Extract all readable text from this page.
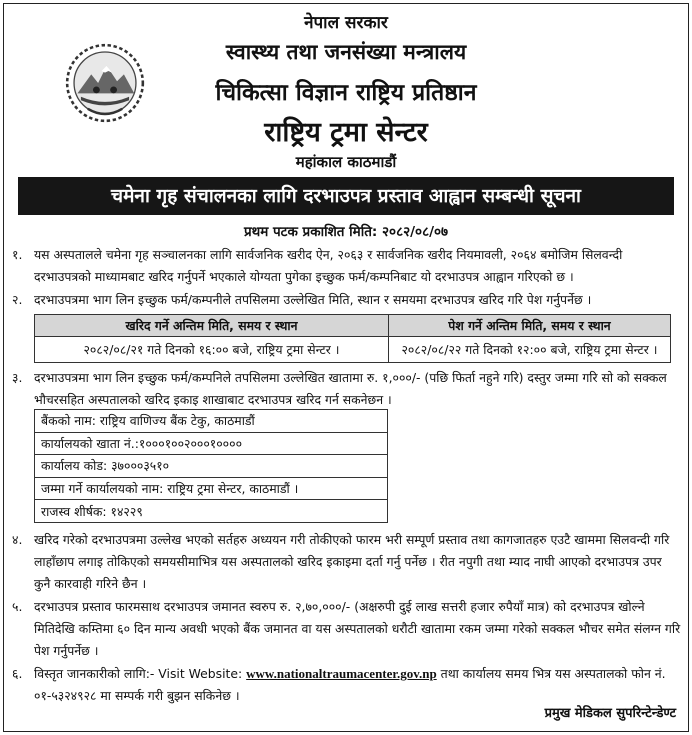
नेपाल सरकार
स्वास्थ्य तथा जनसंख्या मन्त्रालय
चिकित्सा विज्ञान राष्ट्रिय प्रतिष्ठान
राष्ट्रिय ट्रमा सेन्टर
महांकाल काठमाडौं
चमेना गृह संचालनका लागि दरभाउपत्र प्रस्ताव आह्वान सम्बन्धी सूचना
प्रथम पटक प्रकाशित मिति: २०८२/०८/०७
१. यस अस्पतालले चमेना गृह सञ्चालनका लागि सार्वजनिक खरीद ऐन, २०६३ र सार्वजनिक खरीद नियमावली, २०६४ बमोजिम सिलवन्दी दरभाउपत्रको माध्यामबाट खरिद गर्नुपर्ने भएकाले योग्यता पुगेका इच्छुक फर्म/कम्पनिबाट यो दरभाउपत्र आह्वान गरिएको छ ।
२. दरभाउपत्रमा भाग लिन इच्छुक फर्म/कम्पनीले तपसिलमा उल्लेखित मिति, स्थान र समयमा दरभाउपत्र खरिद गरि पेश गर्नुपर्नेछ ।
खरिद गर्ने अन्तिम मिति, समय र स्थान	पेश गर्ने अन्तिम मिति, समय र स्थान
२०८२/०८/२१ गते दिनको १६:०० बजे, राष्ट्रिय ट्रमा सेन्टर ।	२०८२/०८/२२ गते दिनको १२:०० बजे, राष्ट्रिय ट्रमा सेन्टर ।
३. दरभाउपत्रमा भाग लिन इच्छुक फर्म/कम्पनिले तपसिलमा उल्लेखित खातामा रु. १,०००/- (पछि फिर्ता नहुने गरि) दस्तुर जम्मा गरि सो को सक्कल भौचरसहित अस्पतालको खरिद इकाइ शाखाबाट दरभाउपत्र खरिद गर्न सकनेछन ।
बैंकको नाम: राष्ट्रिय वाणिज्य बैंक टेकु, काठमाडौं
कार्यालयको खाता नं.:१०००१००२०००१००००
कार्यालय कोड: ३७०००३५१०
जम्मा गर्ने कार्यालयको नाम: राष्ट्रिय ट्रमा सेन्टर, काठमाडौं ।
राजस्व शीर्षक: १४२२९
४. खरिद गरेको दरभाउपत्रमा उल्लेख भएको सर्तहरु अध्ययन गरी तोकीएको फारम भरी सम्पूर्ण प्रस्ताव तथा कागजातहरु एउटै खाममा सिलवन्दी गरि लाहाँछाप लगाइ तोकिएको समयसीमाभित्र यस अस्पतालको खरिद इकाइमा दर्ता गर्नु पर्नेछ । रीत नपुगी तथा म्याद नाघी आएको दरभाउपत्र उपर कुनै कारवाही गरिने छैन ।
५. दरभाउपत्र प्रस्ताव फारमसाथ दरभाउपत्र जमानत स्वरुप रु. २,७०,०००/- (अक्षरुपी दुई लाख सत्तरी हजार रुपैयाँ मात्र) को दरभाउपत्र खोल्ने मितिदेखि कम्तिमा ६० दिन मान्य अवधी भएको बैंक जमानत वा यस अस्पतालको धरौटी खातामा रकम जम्मा गरेको सक्कल भौचर समेत संलग्न गरि पेश गर्नुपर्नेछ ।
६. विस्तृत जानकारीको लागि:- Visit Website: www.nationaltraumacenter.gov.np तथा कार्यालय समय भित्र यस अस्पतालको फोन नं. ०१-५३२४९२८ मा सम्पर्क गरी बुझन सकिनेछ ।
प्रमुख मेडिकल सुपरिन्टेन्डेण्ट
